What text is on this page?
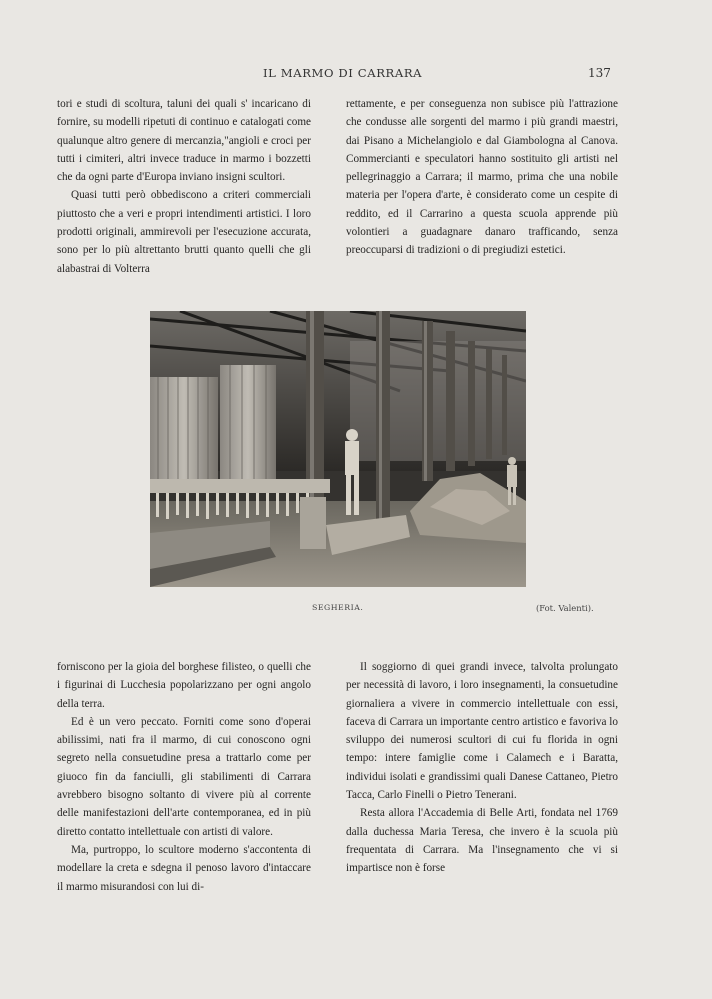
IL MARMO DI CARRARA	137

tori e studi di scoltura, taluni dei quali s' incaricano di fornire, su modelli ripetuti di continuo e catalogati come qualunque altro genere di mercanzia,"angioli e croci per tutti i cimiteri, altri invece traduce in marmo i bozzetti che da ogni parte d'Europa inviano insigni scultori.

Quasi tutti però obbediscono a criteri commerciali piuttosto che a veri e propri intendimenti artistici. I loro prodotti originali, ammirevoli per l'esecuzione accurata, sono per lo più altrettanto brutti quanto quelli che gli alabastrai di Volterra

rettamente, e per conseguenza non subisce più l'attrazione che condusse alle sorgenti del marmo i più grandi maestri, dai Pisano a Michelangiolo e dal Giambologna al Canova. Commercianti e speculatori hanno sostituito gli artisti nel pellegrinaggio a Carrara; il marmo, prima che una nobile materia per l'opera d'arte, è considerato come un cespite di reddito, ed il Carrarino a questa scuola apprende più volontieri a guadagnare danaro trafficando, senza preoccuparsi di tradizioni o di pregiudizi estetici.

SEGHERIA.	(Fot. Valenti).

forniscono per la gioia del borghese filisteo, o quelli che i figurinai di Lucchesia popolarizzano per ogni angolo della terra.

Ed è un vero peccato. Forniti come sono d'operai abilissimi, nati fra il marmo, di cui conoscono ogni segreto nella consuetudine presa a trattarlo come per giuoco fin da fanciulli, gli stabilimenti di Carrara avrebbero bisogno soltanto di vivere più al corrente delle manifestazioni dell'arte contemporanea, ed in più diretto contatto intellettuale con artisti di valore.

Ma, purtroppo, lo scultore moderno s'accontenta di modellare la creta e sdegna il penoso lavoro d'intaccare il marmo misurandosi con lui di-

Il soggiorno di quei grandi invece, talvolta prolungato per necessità di lavoro, i loro insegnamenti, la consuetudine giornaliera a vivere in commercio intellettuale con essi, faceva di Carrara un importante centro artistico e favoriva lo sviluppo dei numerosi scultori di cui fu florida in ogni tempo: intere famiglie come i Calamech e i Baratta, individui isolati e grandissimi quali Danese Cattaneo, Pietro Tacca, Carlo Finelli o Pietro Tenerani.

Resta allora l'Accademia di Belle Arti, fondata nel 1769 dalla duchessa Maria Teresa, che invero è la scuola più frequentata di Carrara. Ma l'insegnamento che vi si impartisce non è forse
